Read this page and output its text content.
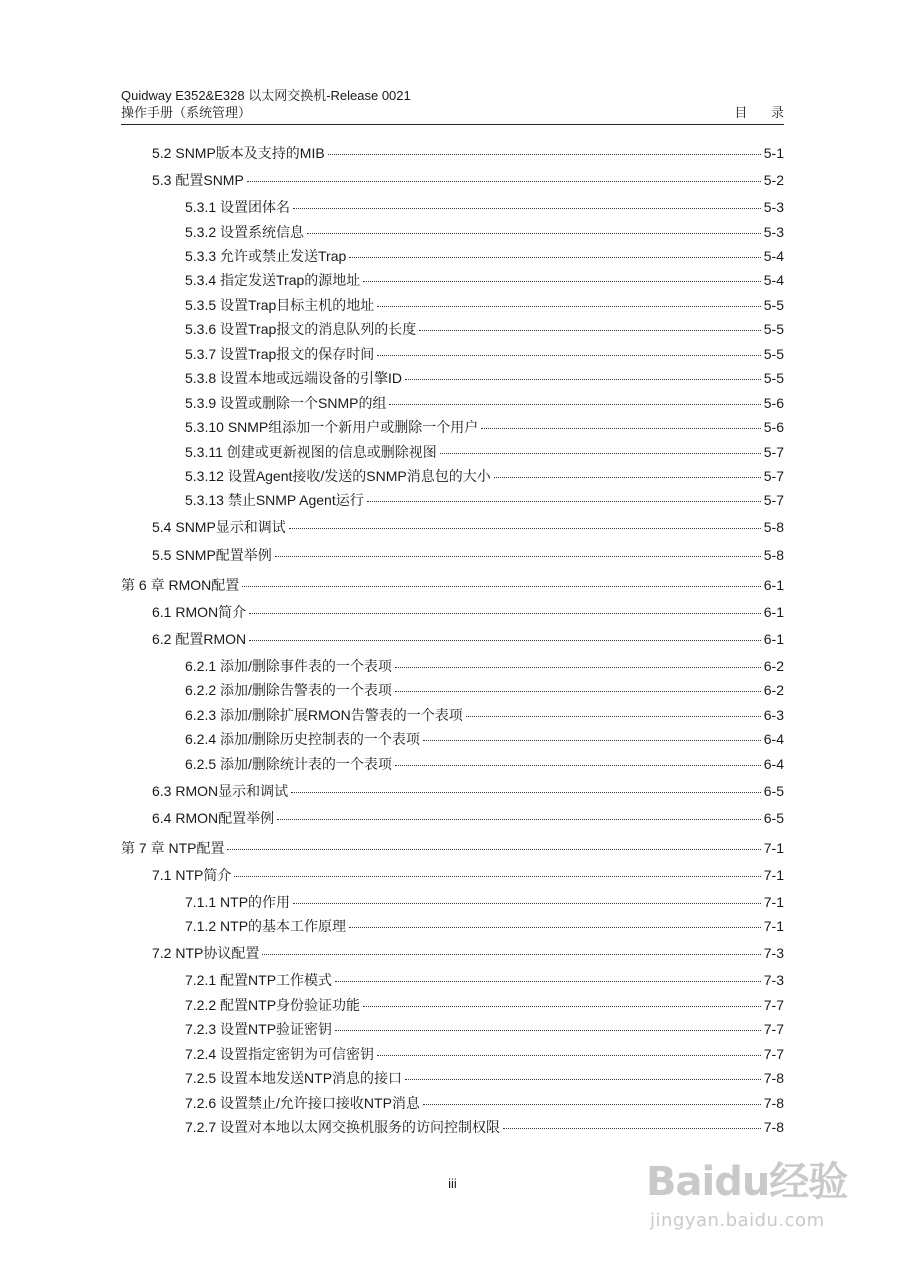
Quidway E352&E328 以太网交换机-Release 0021
操作手册（系统管理）	目 录
5.2 SNMP版本及支持的MIB	5-1
5.3 配置SNMP	5-2
5.3.1 设置团体名	5-3
5.3.2 设置系统信息	5-3
5.3.3 允许或禁止发送Trap	5-4
5.3.4 指定发送Trap的源地址	5-4
5.3.5 设置Trap目标主机的地址	5-5
5.3.6 设置Trap报文的消息队列的长度	5-5
5.3.7 设置Trap报文的保存时间	5-5
5.3.8 设置本地或远端设备的引擎ID	5-5
5.3.9 设置或删除一个SNMP的组	5-6
5.3.10 SNMP组添加一个新用户或删除一个用户	5-6
5.3.11 创建或更新视图的信息或删除视图	5-7
5.3.12 设置Agent接收/发送的SNMP消息包的大小	5-7
5.3.13 禁止SNMP Agent运行	5-7
5.4 SNMP显示和调试	5-8
5.5 SNMP配置举例	5-8
第 6 章 RMON配置	6-1
6.1 RMON简介	6-1
6.2 配置RMON	6-1
6.2.1 添加/删除事件表的一个表项	6-2
6.2.2 添加/删除告警表的一个表项	6-2
6.2.3 添加/删除扩展RMON告警表的一个表项	6-3
6.2.4 添加/删除历史控制表的一个表项	6-4
6.2.5 添加/删除统计表的一个表项	6-4
6.3 RMON显示和调试	6-5
6.4 RMON配置举例	6-5
第 7 章 NTP配置	7-1
7.1 NTP简介	7-1
7.1.1 NTP的作用	7-1
7.1.2 NTP的基本工作原理	7-1
7.2 NTP协议配置	7-3
7.2.1 配置NTP工作模式	7-3
7.2.2 配置NTP身份验证功能	7-7
7.2.3 设置NTP验证密钥	7-7
7.2.4 设置指定密钥为可信密钥	7-7
7.2.5 设置本地发送NTP消息的接口	7-8
7.2.6 设置禁止/允许接口接收NTP消息	7-8
7.2.7 设置对本地以太网交换机服务的访问控制权限	7-8
iii	Baidu经验
jingyan.baidu.com
